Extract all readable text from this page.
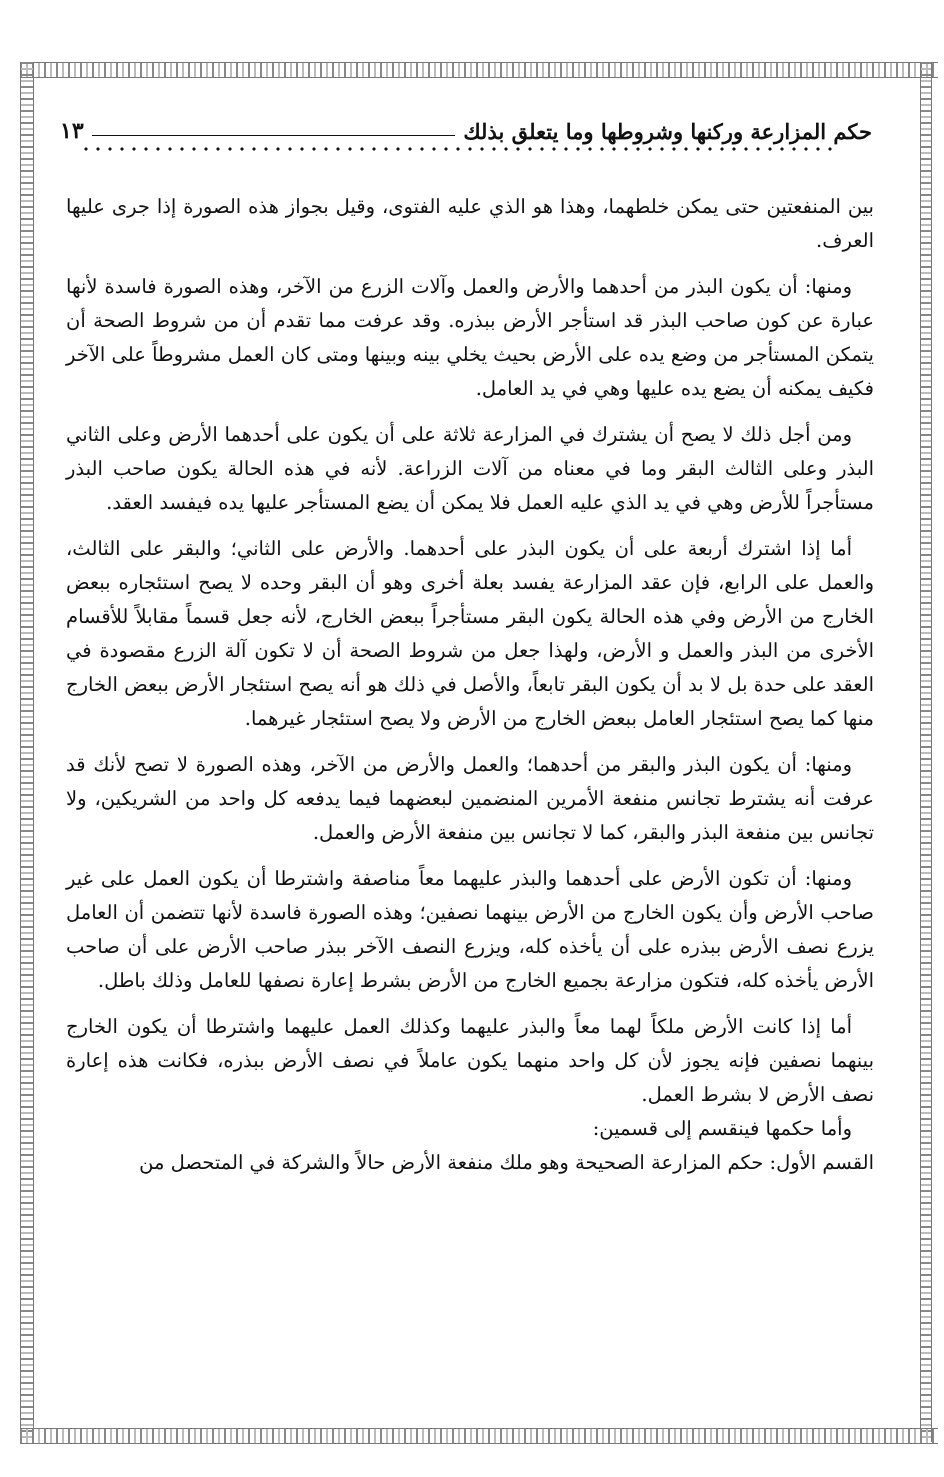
حكم المزارعة وركنها وشروطها وما يتعلق بذلك
١٣

بين المنفعتين حتى يمكن خلطهما، وهذا هو الذي عليه الفتوى، وقيل بجواز هذه الصورة إذا جرى عليها العرف.

ومنها: أن يكون البذر من أحدهما والأرض والعمل وآلات الزرع من الآخر، وهذه الصورة فاسدة لأنها عبارة عن كون صاحب البذر قد استأجر الأرض ببذره. وقد عرفت مما تقدم أن من شروط الصحة أن يتمكن المستأجر من وضع يده على الأرض بحيث يخلي بينه وبينها ومتى كان العمل مشروطاً على الآخر فكيف يمكنه أن يضع يده عليها وهي في يد العامل.

ومن أجل ذلك لا يصح أن يشترك في المزارعة ثلاثة على أن يكون على أحدهما الأرض وعلى الثاني البذر وعلى الثالث البقر وما في معناه من آلات الزراعة. لأنه في هذه الحالة يكون صاحب البذر مستأجراً للأرض وهي في يد الذي عليه العمل فلا يمكن أن يضع المستأجر عليها يده فيفسد العقد.

أما إذا اشترك أربعة على أن يكون البذر على أحدهما. والأرض على الثاني؛ والبقر على الثالث، والعمل على الرابع، فإن عقد المزارعة يفسد بعلة أخرى وهو أن البقر وحده لا يصح استئجاره ببعض الخارج من الأرض وفي هذه الحالة يكون البقر مستأجراً ببعض الخارج، لأنه جعل قسماً مقابلاً للأقسام الأخرى من البذر والعمل و الأرض، ولهذا جعل من شروط الصحة أن لا تكون آلة الزرع مقصودة في العقد على حدة بل لا بد أن يكون البقر تابعاً، والأصل في ذلك هو أنه يصح استئجار الأرض ببعض الخارج منها كما يصح استئجار العامل ببعض الخارج من الأرض ولا يصح استئجار غيرهما.

ومنها: أن يكون البذر والبقر من أحدهما؛ والعمل والأرض من الآخر، وهذه الصورة لا تصح لأنك قد عرفت أنه يشترط تجانس منفعة الأمرين المنضمين لبعضهما فيما يدفعه كل واحد من الشريكين، ولا تجانس بين منفعة البذر والبقر، كما لا تجانس بين منفعة الأرض والعمل.

ومنها: أن تكون الأرض على أحدهما والبذر عليهما معاً مناصفة واشترطا أن يكون العمل على غير صاحب الأرض وأن يكون الخارج من الأرض بينهما نصفين؛ وهذه الصورة فاسدة لأنها تتضمن أن العامل يزرع نصف الأرض ببذره على أن يأخذه كله، ويزرع النصف الآخر ببذر صاحب الأرض على أن صاحب الأرض يأخذه كله، فتكون مزارعة بجميع الخارج من الأرض بشرط إعارة نصفها للعامل وذلك باطل.

أما إذا كانت الأرض ملكاً لهما معاً والبذر عليهما وكذلك العمل عليهما واشترطا أن يكون الخارج بينهما نصفين فإنه يجوز لأن كل واحد منهما يكون عاملاً في نصف الأرض ببذره، فكانت هذه إعارة نصف الأرض لا بشرط العمل.

وأما حكمها فينقسم إلى قسمين:

القسم الأول: حكم المزارعة الصحيحة وهو ملك منفعة الأرض حالاً والشركة في المتحصل من
